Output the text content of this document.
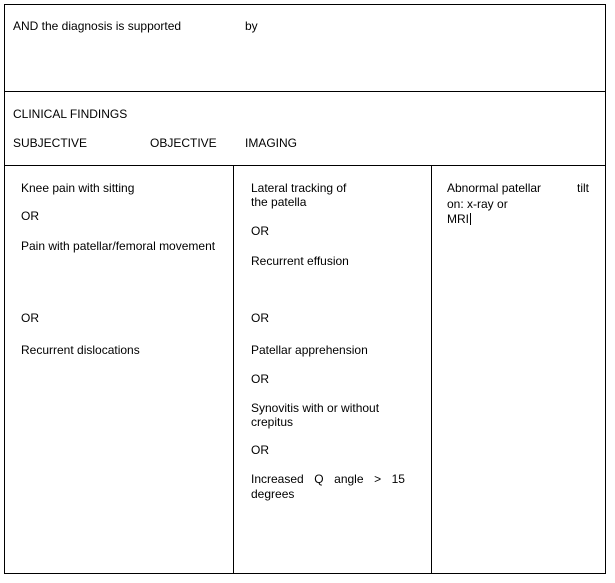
AND the diagnosis is supported	by
CLINICAL FINDINGS
SUBJECTIVE	OBJECTIVE IMAGING
Knee pain with sitting
OR
Pain with patellar/femoral movement
OR
Recurrent dislocations
Lateral tracking of
the patella
OR
Recurrent effusion
OR
Patellar apprehension
OR
Synovitis with or without
crepitus
OR
Increased Q angle > 15
degrees
Abnormal patellar	tilt
on: x-ray or
MRI
